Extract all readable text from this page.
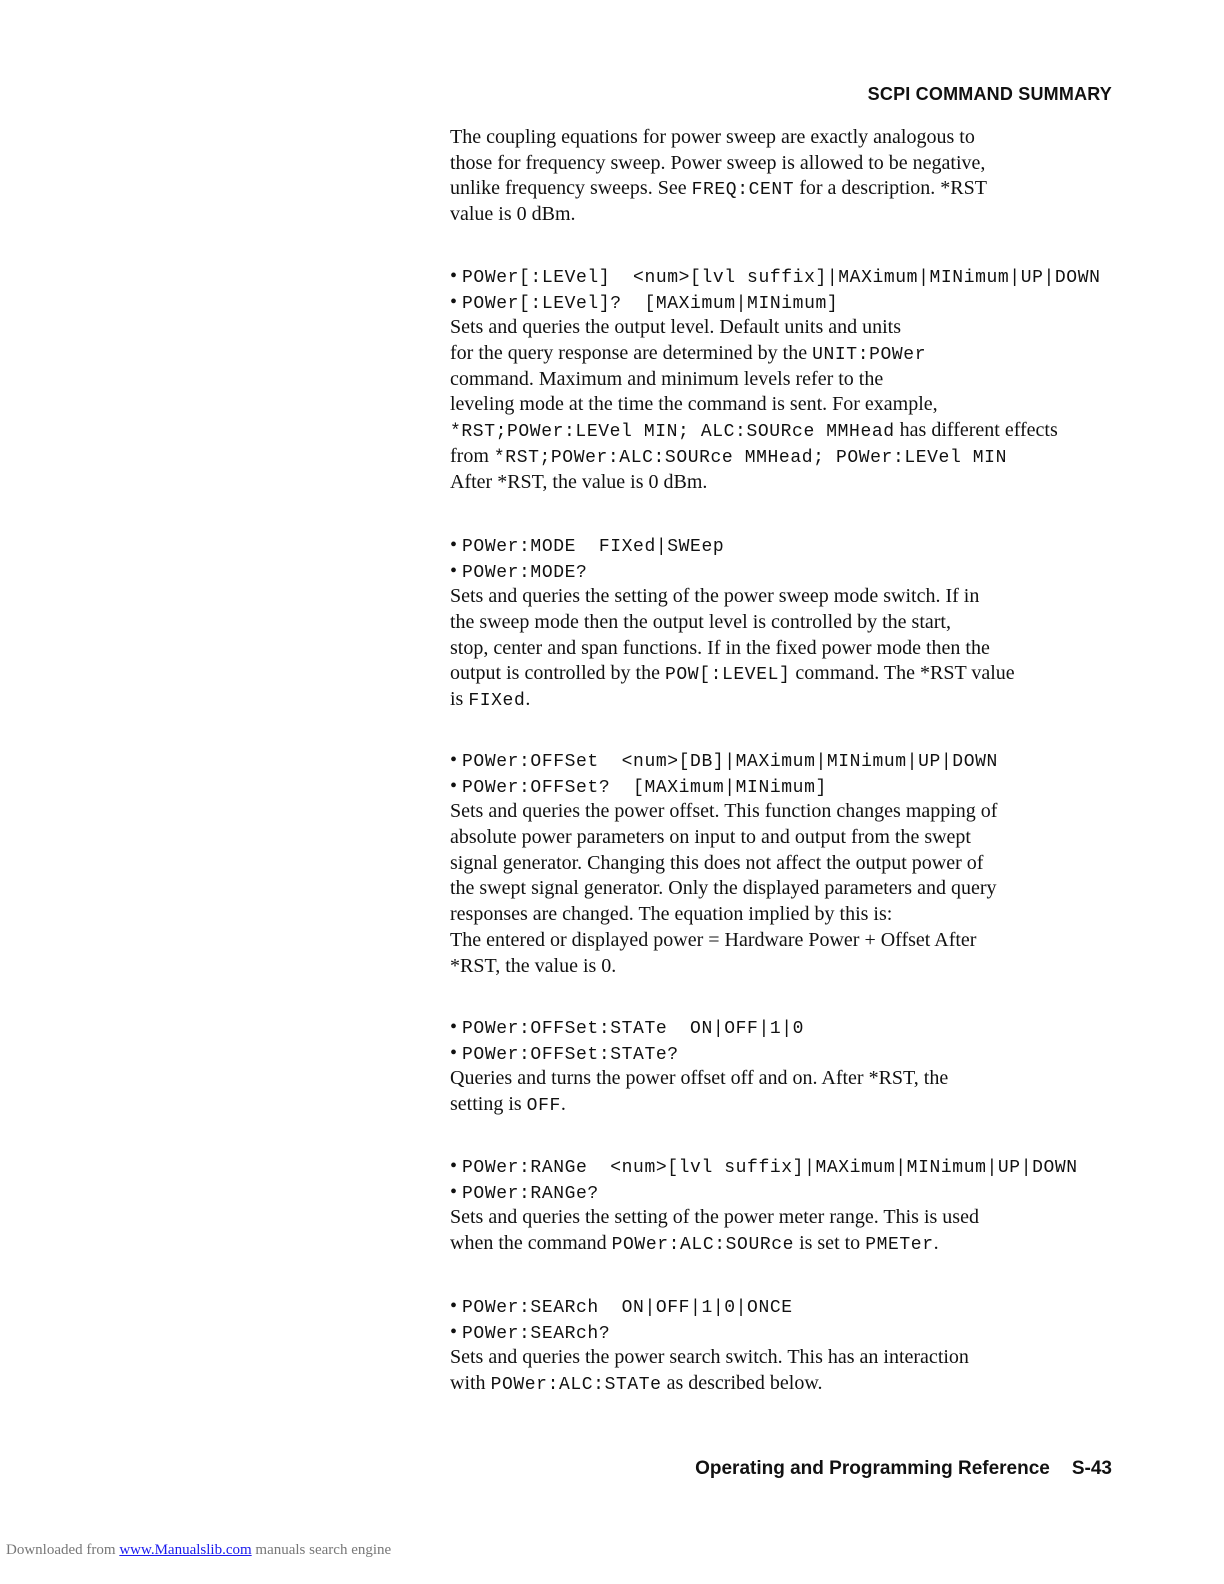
SCPI COMMAND SUMMARY
The coupling equations for power sweep are exactly analogous to
those for frequency sweep. Power sweep is allowed to be negative,
unlike frequency sweeps. See FREQ:CENT for a description. *RST
value is 0 dBm.
• POWer[:LEVel]  <num>[lvl suffix]|MAXimum|MINimum|UP|DOWN
• POWer[:LEVel]?  [MAXimum|MINimum]
Sets and queries the output level. Default units and units
for the query response are determined by the UNIT:POWer
command. Maximum and minimum levels refer to the
leveling mode at the time the command is sent. For example,
*RST;POWer:LEVel MIN; ALC:SOURce MMHead has different effects
from *RST;POWer:ALC:SOURce MMHead; POWer:LEVel MIN
After *RST, the value is 0 dBm.
• POWer:MODE  FIXed|SWEep
• POWer:MODE?
Sets and queries the setting of the power sweep mode switch. If in
the sweep mode then the output level is controlled by the start,
stop, center and span functions. If in the fixed power mode then the
output is controlled by the POW[:LEVEL] command. The *RST value
is FIXed.
• POWer:OFFSet  <num>[DB]|MAXimum|MINimum|UP|DOWN
• POWer:OFFSet?  [MAXimum|MINimum]
Sets and queries the power offset. This function changes mapping of
absolute power parameters on input to and output from the swept
signal generator. Changing this does not affect the output power of
the swept signal generator. Only the displayed parameters and query
responses are changed. The equation implied by this is:
The entered or displayed power = Hardware Power + Offset After
*RST, the value is 0.
• POWer:OFFSet:STATe  ON|OFF|1|0
• POWer:OFFSet:STATe?
Queries and turns the power offset off and on. After *RST, the
setting is OFF.
• POWer:RANGe  <num>[lvl suffix]|MAXimum|MINimum|UP|DOWN
• POWer:RANGe?
Sets and queries the setting of the power meter range. This is used
when the command POWer:ALC:SOURce is set to PMETer.
• POWer:SEARch  ON|OFF|1|0|ONCE
• POWer:SEARch?
Sets and queries the power search switch. This has an interaction
with POWer:ALC:STATe as described below.
Operating and Programming Reference S-43
Downloaded from www.Manualslib.com manuals search engine
